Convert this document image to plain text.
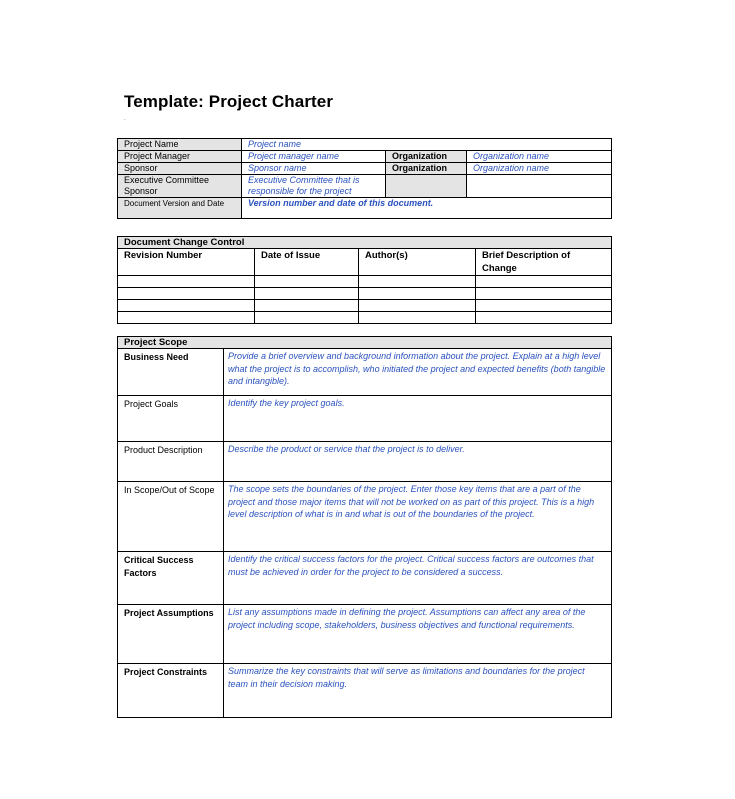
Template: Project Charter
.
Project Name	Project name		
Project Manager	Project manager name	Organization	Organization name
Sponsor	Sponsor name	Organization	Organization name
Executive Committee Sponsor	Executive Committee that is responsible for the project		
Document Version and Date	Version number and date of this document.		
Document Change Control			
Revision Number	Date of Issue	Author(s)	Brief Description of Change

Project Scope	
Business Need	Provide a brief overview and background information about the project. Explain at a high level what the project is to accomplish, who initiated the project and expected benefits (both tangible and intangible).
Project Goals	Identify the key project goals.
Product Description	Describe the product or service that the project is to deliver.
In Scope/Out of Scope	The scope sets the boundaries of the project. Enter those key items that are a part of the project and those major items that will not be worked on as part of this project. This is a high level description of what is in and what is out of the boundaries of the project.
Critical Success Factors	Identify the critical success factors for the project. Critical success factors are outcomes that must be achieved in order for the project to be considered a success.
Project Assumptions	List any assumptions made in defining the project. Assumptions can affect any area of the project including scope, stakeholders, business objectives and functional requirements.
Project Constraints	Summarize the key constraints that will serve as limitations and boundaries for the project team in their decision making.
